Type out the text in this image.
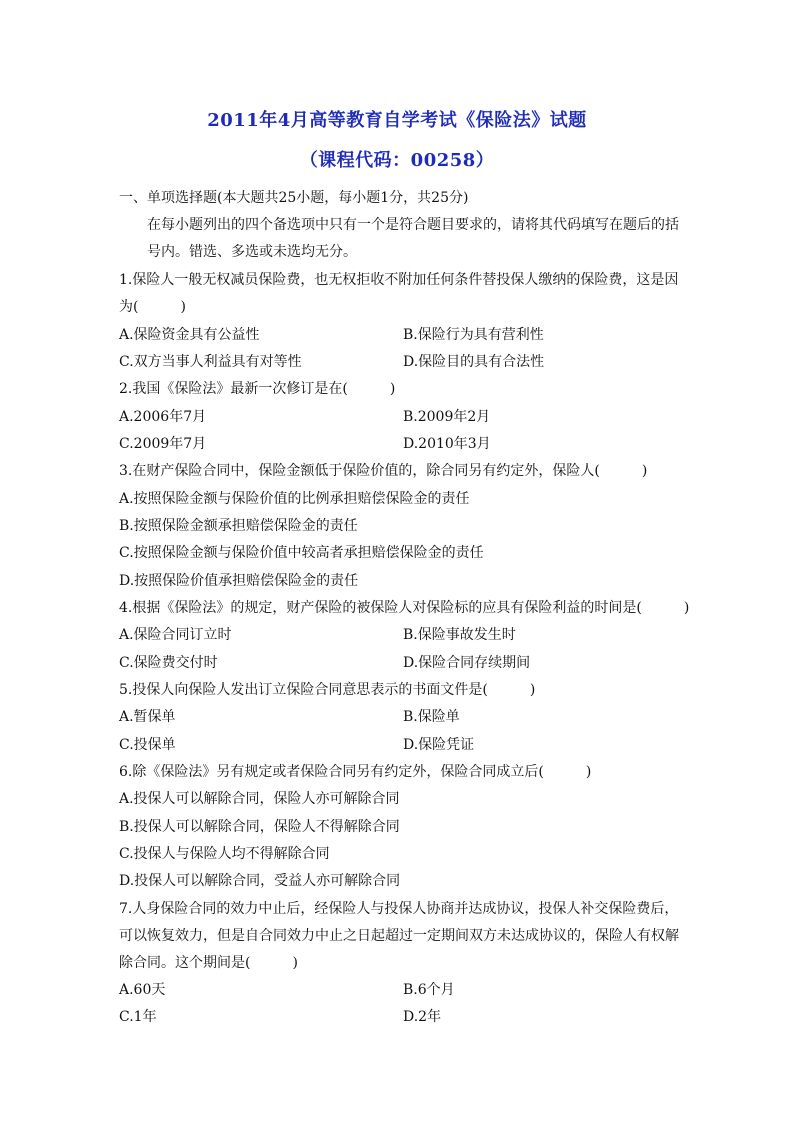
2011年4月高等教育自学考试《保险法》试题
（课程代码：00258）
一、单项选择题(本大题共25小题，每小题1分，共25分)
在每小题列出的四个备选项中只有一个是符合题目要求的，请将其代码填写在题后的括
号内。错选、多选或未选均无分。
1.保险人一般无权减员保险费，也无权拒收不附加任何条件替投保人缴纳的保险费，这是因
为(　　　)
A.保险资金具有公益性	B.保险行为具有营利性
C.双方当事人利益具有对等性	D.保险目的具有合法性
2.我国《保险法》最新一次修订是在(　　　)
A.2006年7月	B.2009年2月
C.2009年7月	D.2010年3月
3.在财产保险合同中，保险金额低于保险价值的，除合同另有约定外，保险人(　　　)
A.按照保险金额与保险价值的比例承担赔偿保险金的责任
B.按照保险金额承担赔偿保险金的责任
C.按照保险金额与保险价值中较高者承担赔偿保险金的责任
D.按照保险价值承担赔偿保险金的责任
4.根据《保险法》的规定，财产保险的被保险人对保险标的应具有保险利益的时间是(　　　)
A.保险合同订立时	B.保险事故发生时
C.保险费交付时	D.保险合同存续期间
5.投保人向保险人发出订立保险合同意思表示的书面文件是(　　　)
A.暂保单	B.保险单
C.投保单	D.保险凭证
6.除《保险法》另有规定或者保险合同另有约定外，保险合同成立后(　　　)
A.投保人可以解除合同，保险人亦可解除合同
B.投保人可以解除合同，保险人不得解除合同
C.投保人与保险人均不得解除合同
D.投保人可以解除合同，受益人亦可解除合同
7.人身保险合同的效力中止后，经保险人与投保人协商并达成协议，投保人补交保险费后，
可以恢复效力，但是自合同效力中止之日起超过一定期间双方未达成协议的，保险人有权解
除合同。这个期间是(　　　)
A.60天	B.6个月
C.1年	D.2年
